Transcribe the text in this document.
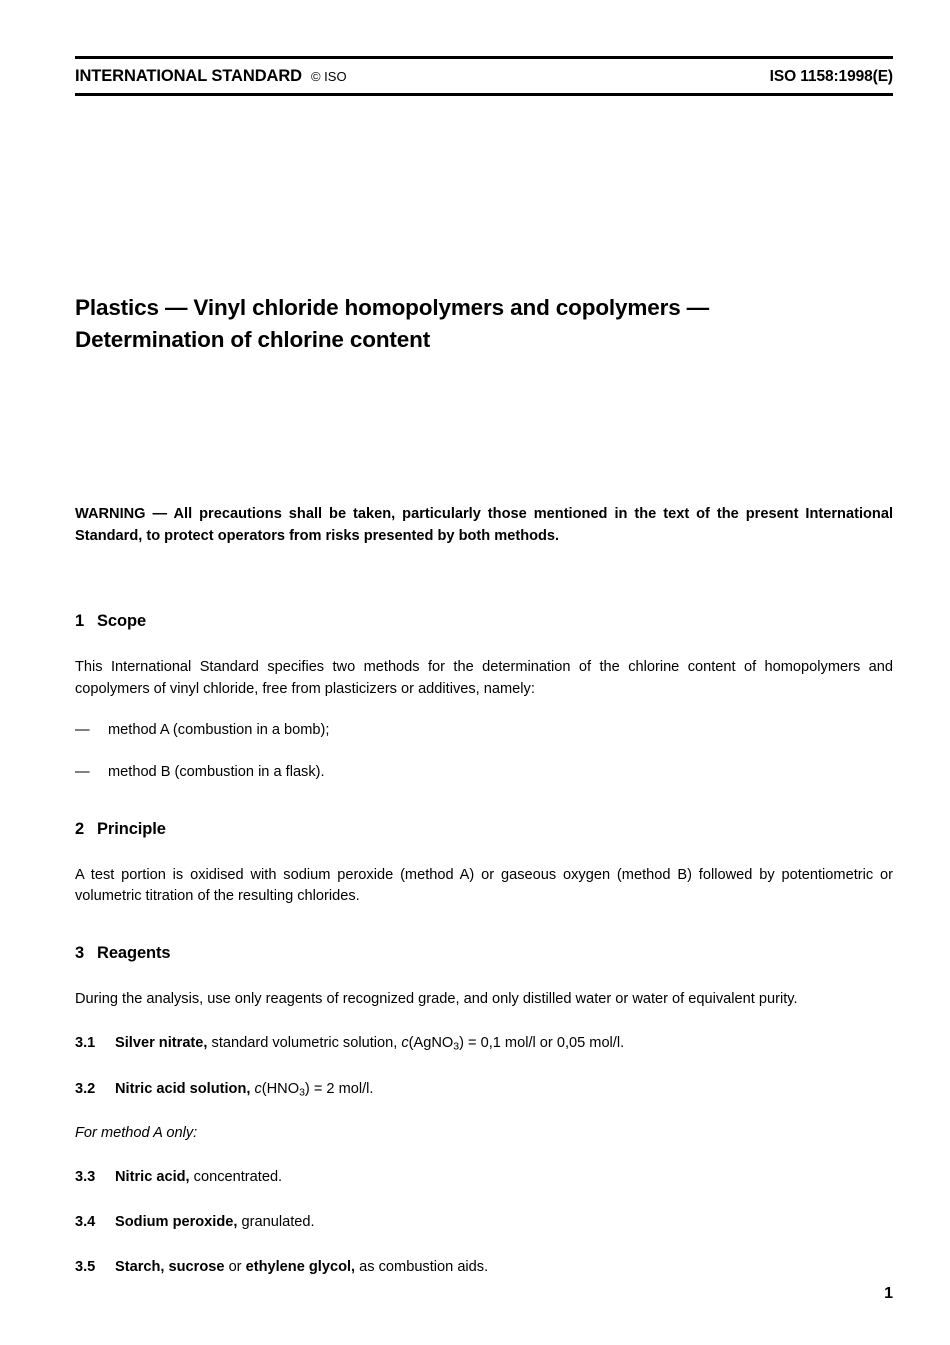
INTERNATIONAL STANDARD © ISO	ISO 1158:1998(E)
Plastics — Vinyl chloride homopolymers and copolymers —
Determination of chlorine content

WARNING — All precautions shall be taken, particularly those mentioned in the text of the present International Standard, to protect operators from risks presented by both methods.

1 Scope

This International Standard specifies two methods for the determination of the chlorine content of homopolymers and copolymers of vinyl chloride, free from plasticizers or additives, namely:

—	method A (combustion in a bomb);
—	method B (combustion in a flask).
2 Principle

A test portion is oxidised with sodium peroxide (method A) or gaseous oxygen (method B) followed by potentiometric or volumetric titration of the resulting chlorides.

3 Reagents

During the analysis, use only reagents of recognized grade, and only distilled water or water of equivalent purity.

3.1	Silver nitrate, standard volumetric solution, c(AgNO$_3$) = 0,1 mol/l or 0,05 mol/l.
3.2	Nitric acid solution, $c(HNO_3) = 2$ mol/l.

For method A only:

3.3	Nitric acid, concentrated.
3.4	Sodium peroxide, granulated.
3.5	Starch, sucrose or ethylene glycol, as combustion aids.
1
